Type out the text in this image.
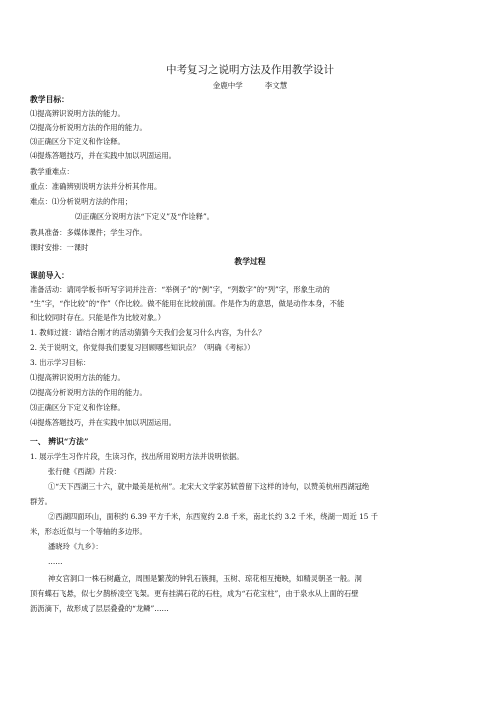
中考复习之说明方法及作用教学设计
金鹿中学	李文慧
教学目标：
⑴提高辨识说明方法的能力。
⑵提高分析说明方法的作用的能力。
⑶正确区分下定义和作诠释。
⑷提炼答题技巧，并在实践中加以巩固运用。
教学重难点：
重点：准确辨别说明方法并分析其作用。
难点：⑴分析说明方法的作用；
⑵正确区分说明方法“下定义”及“作诠释”。
教具准备：多媒体课件；学生习作。
课时安排：一课时
教学过程
课前导入：
准备活动：请同学板书听写字词并注音：“举例子”的“例”字，“列数字”的“列”字，形象生动的
“生”字，“作比较”的“作”（作比较。做不能用在比较前面。作是作为的意思，做是动作本身，不能
和比较同时存在。只能是作为比较对象。）
1. 教师过渡：请结合刚才的活动猜猜今天我们会复习什么内容，为什么？
2. 关于说明文，你觉得我们要复习回顾哪些知识点？（明确《考标》）
3. 出示学习目标：
⑴提高辨识说明方法的能力。
⑵提高分析说明方法的作用的能力。
⑶正确区分下定义和作诠释。
⑷提炼答题技巧，并在实践中加以巩固运用。
一、 辨识“方法”
1. 展示学生习作片段，生读习作，找出所用说明方法并说明依据。
张行健《西湖》片段：
①“天下西湖三十六，就中最美是杭州”。北宋大文学家苏轼曾留下这样的诗句，以赞美杭州西湖冠绝
群芳。
②西湖四面环山，面积约 6.39 平方千米，东西宽约 2.8 千米，南北长约 3.2 千米，绕湖一周近 15 千
米，形态近似与一个等轴的多边形。
潘晓玲《九乡》：
……
神女宫洞口一株石树矗立，周围是繁茂的钟乳石簇拥，玉树、琼花相互掩映，如精灵朝圣一般。洞
顶有蝶石飞悬，似七夕鹊桥凌空飞架。更有挂满石花的石柱，成为“石花宝柱”，由于泉水从上面的石壁
沥沥滴下，故形成了层层叠叠的“龙鳞”……
